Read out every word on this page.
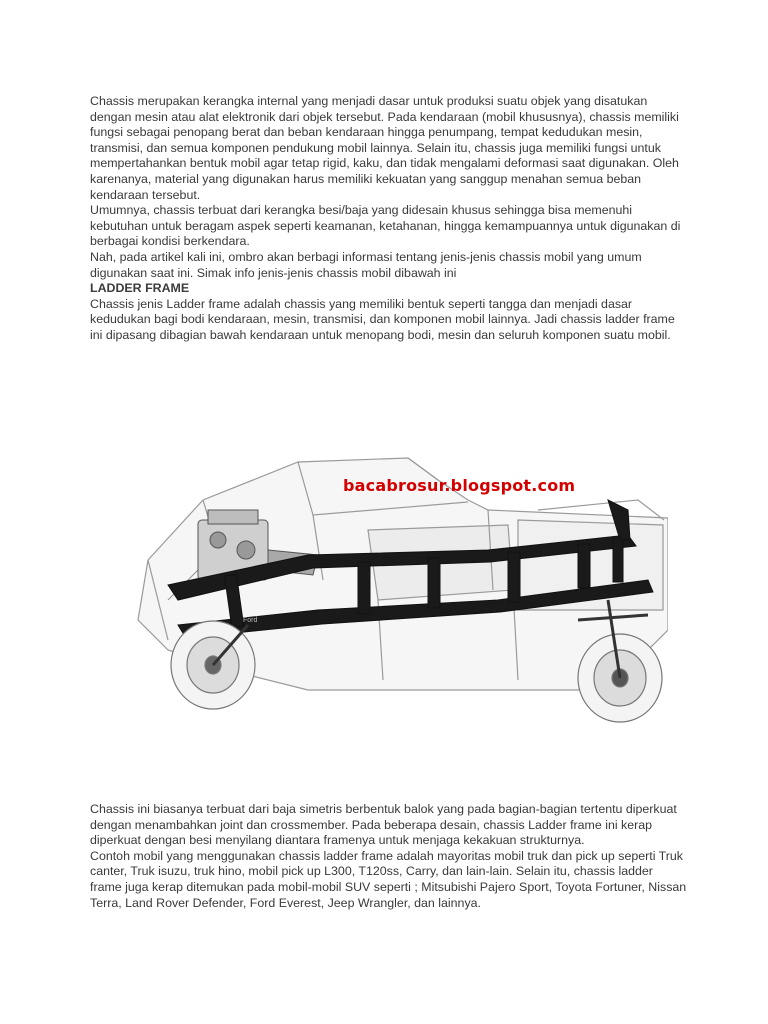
Chassis merupakan kerangka internal yang menjadi dasar untuk produksi suatu objek yang disatukan dengan mesin atau alat elektronik dari objek tersebut. Pada kendaraan (mobil khususnya), chassis memiliki fungsi sebagai penopang berat dan beban kendaraan hingga penumpang, tempat kedudukan mesin, transmisi, dan semua komponen pendukung mobil lainnya. Selain itu, chassis juga memiliki fungsi untuk mempertahankan bentuk mobil agar tetap rigid, kaku, dan tidak mengalami deformasi saat digunakan. Oleh karenanya, material yang digunakan harus memiliki kekuatan yang sanggup menahan semua beban kendaraan tersebut.

Umumnya, chassis terbuat dari kerangka besi/baja yang didesain khusus sehingga bisa memenuhi kebutuhan untuk beragam aspek seperti keamanan, ketahanan, hingga kemampuannya untuk digunakan di berbagai kondisi berkendara.

Nah, pada artikel kali ini, ombro akan berbagi informasi tentang jenis-jenis chassis mobil yang umum digunakan saat ini. Simak info jenis-jenis chassis mobil dibawah ini

LADDER FRAME

Chassis jenis Ladder frame adalah chassis yang memiliki bentuk seperti tangga dan menjadi dasar kedudukan bagi bodi kendaraan, mesin, transmisi, dan komponen mobil lainnya. Jadi chassis ladder frame ini dipasang dibagian bawah kendaraan untuk menopang bodi, mesin dan seluruh komponen suatu mobil.

Ford
bacabrosur.blogspot.com

Chassis ini biasanya terbuat dari baja simetris berbentuk balok yang pada bagian-bagian tertentu diperkuat dengan menambahkan joint dan crossmember. Pada beberapa desain, chassis Ladder frame ini kerap diperkuat dengan besi menyilang diantara framenya untuk menjaga kekakuan strukturnya.

Contoh mobil yang menggunakan chassis ladder frame adalah mayoritas mobil truk dan pick up seperti Truk canter, Truk isuzu, truk hino, mobil pick up L300, T120ss, Carry, dan lain-lain. Selain itu, chassis ladder frame juga kerap ditemukan pada mobil-mobil SUV seperti ; Mitsubishi Pajero Sport, Toyota Fortuner, Nissan Terra, Land Rover Defender, Ford Everest, Jeep Wrangler, dan lainnya.
